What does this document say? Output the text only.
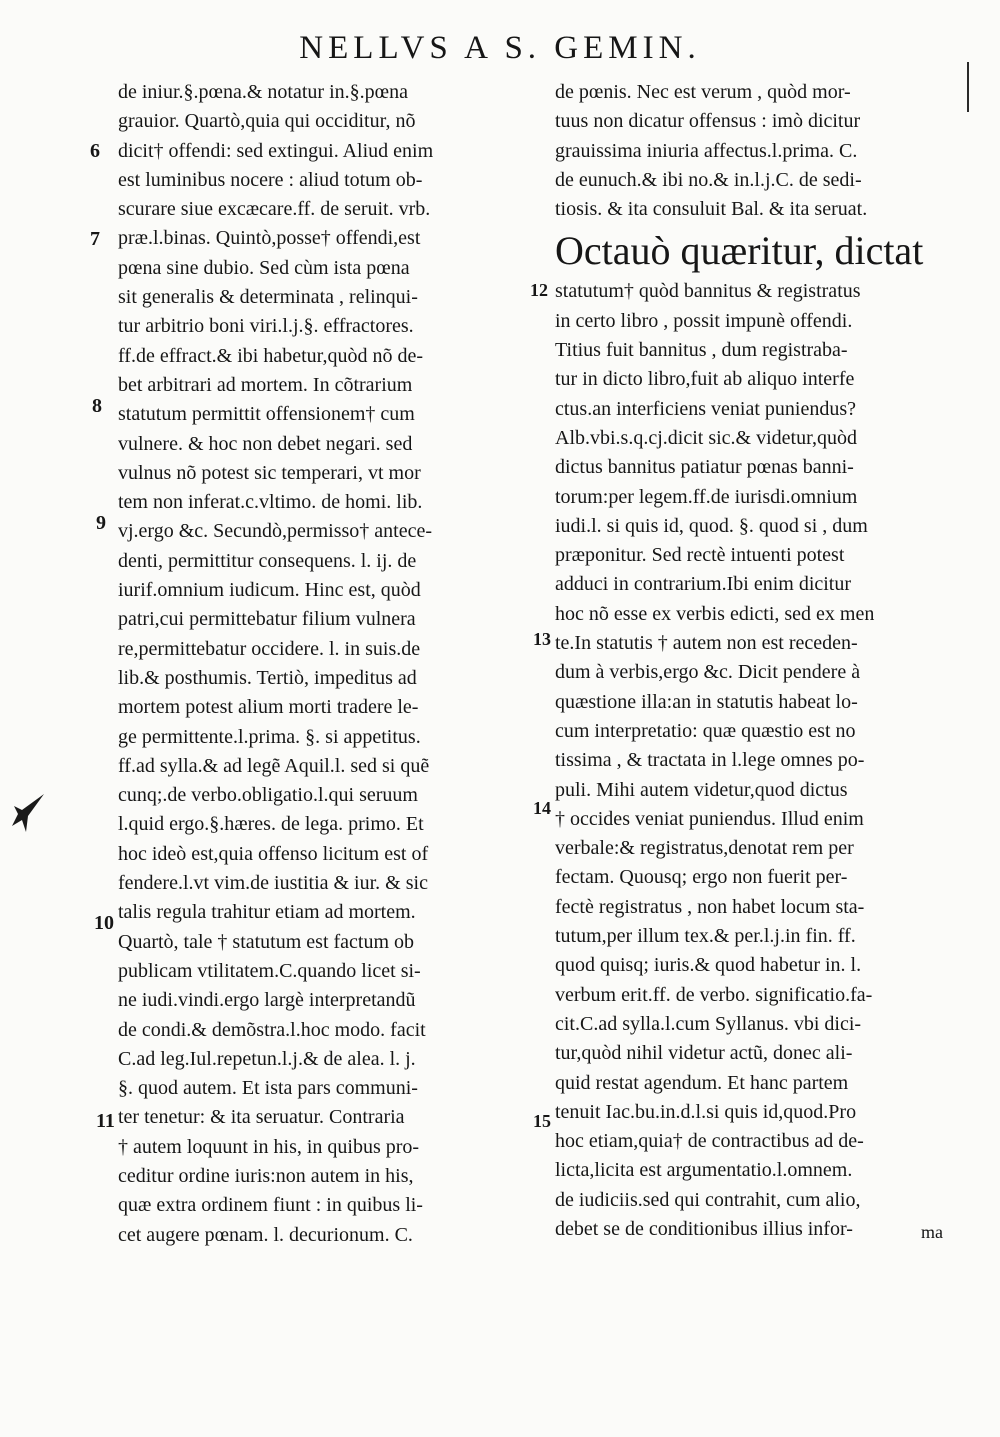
NELLVS A S. GEMIN.
de iniur.§.pœna.& notatur in.§.pœna
grauior. Quartò,quia qui occiditur, nõ
dicit† offendi: sed extingui. Aliud enim
est luminibus nocere : aliud totum ob-
scurare siue excæcare.ff. de seruit. vrb.
præ.l.binas. Quintò,posse† offendi,est
pœna sine dubio. Sed cùm ista pœna
sit generalis & determinata , relinqui-
tur arbitrio boni viri.l.j.§. effractores.
ff.de effract.& ibi habetur,quòd nõ de-
bet arbitrari ad mortem. In cõtrarium
statutum permittit offensionem† cum
vulnere. & hoc non debet negari. sed
vulnus nõ potest sic temperari, vt mor
tem non inferat.c.vltimo. de homi. lib.
vj.ergo &c. Secundò,permisso† antece-
denti, permittitur consequens. l. ij. de
iurif.omnium iudicum. Hinc est, quòd
patri,cui permittebatur filium vulnera
re,permittebatur occidere. l. in suis.de
lib.& posthumis. Tertiò, impeditus ad
mortem potest alium morti tradere le-
ge permittente.l.prima. §. si appetitus.
ff.ad sylla.& ad legẽ Aquil.l. sed si quẽ
cunq;.de verbo.obligatio.l.qui seruum
l.quid ergo.§.hæres. de lega. primo. Et
hoc ideò est,quia offenso licitum est of
fendere.l.vt vim.de iustitia & iur. & sic
talis regula trahitur etiam ad mortem.
Quartò, tale † statutum est factum ob
publicam vtilitatem.C.quando licet si-
ne iudi.vindi.ergo largè interpretandũ
de condi.& demõstra.l.hoc modo. facit
C.ad leg.Iul.repetun.l.j.& de alea. l. j.
§. quod autem. Et ista pars communi-
ter tenetur: & ita seruatur. Contraria
† autem loquunt in his, in quibus pro-
ceditur ordine iuris:non autem in his,
quæ extra ordinem fiunt : in quibus li-
cet augere pœnam. l. decurionum. C.
de pœnis. Nec est verum , quòd mor-
tuus non dicatur offensus : imò dicitur
grauissima iniuria affectus.l.prima. C.
de eunuch.& ibi no.& in.l.j.C. de sedi-
tiosis. & ita consuluit Bal. & ita seruat.
Octauò quæritur, dictat
statutum† quòd bannitus & registratus
in certo libro , possit impunè offendi.
Titius fuit bannitus , dum registraba-
tur in dicto libro,fuit ab aliquo interfe
ctus.an interficiens veniat puniendus?
Alb.vbi.s.q.cj.dicit sic.& videtur,quòd
dictus bannitus patiatur pœnas banni-
torum:per legem.ff.de iurisdi.omnium
iudi.l. si quis id, quod. §. quod si , dum
præponitur. Sed rectè intuenti potest
adduci in contrarium.Ibi enim dicitur
hoc nõ esse ex verbis edicti, sed ex men
te.In statutis † autem non est receden-
dum à verbis,ergo &c. Dicit pendere à
quæstione illa:an in statutis habeat lo-
cum interpretatio: quæ quæstio est no
tissima , & tractata in l.lege omnes po-
puli. Mihi autem videtur,quod dictus
† occides veniat puniendus. Illud enim
verbale:& registratus,denotat rem per
fectam. Quousq; ergo non fuerit per-
fectè registratus , non habet locum sta-
tutum,per illum tex.& per.l.j.in fin. ff.
quod quisq; iuris.& quod habetur in. l.
verbum erit.ff. de verbo. significatio.fa-
cit.C.ad sylla.l.cum Syllanus. vbi dici-
tur,quòd nihil videtur actũ, donec ali-
quid restat agendum. Et hanc partem
tenuit Iac.bu.in.d.l.si quis id,quod.Pro
hoc etiam,quia† de contractibus ad de-
licta,licita est argumentatio.l.omnem.
de iudiciis.sed qui contrahit, cum alio,
debet se de conditionibus illius infor-
6
7
8
9
10
11
12
13
14
15
ma
